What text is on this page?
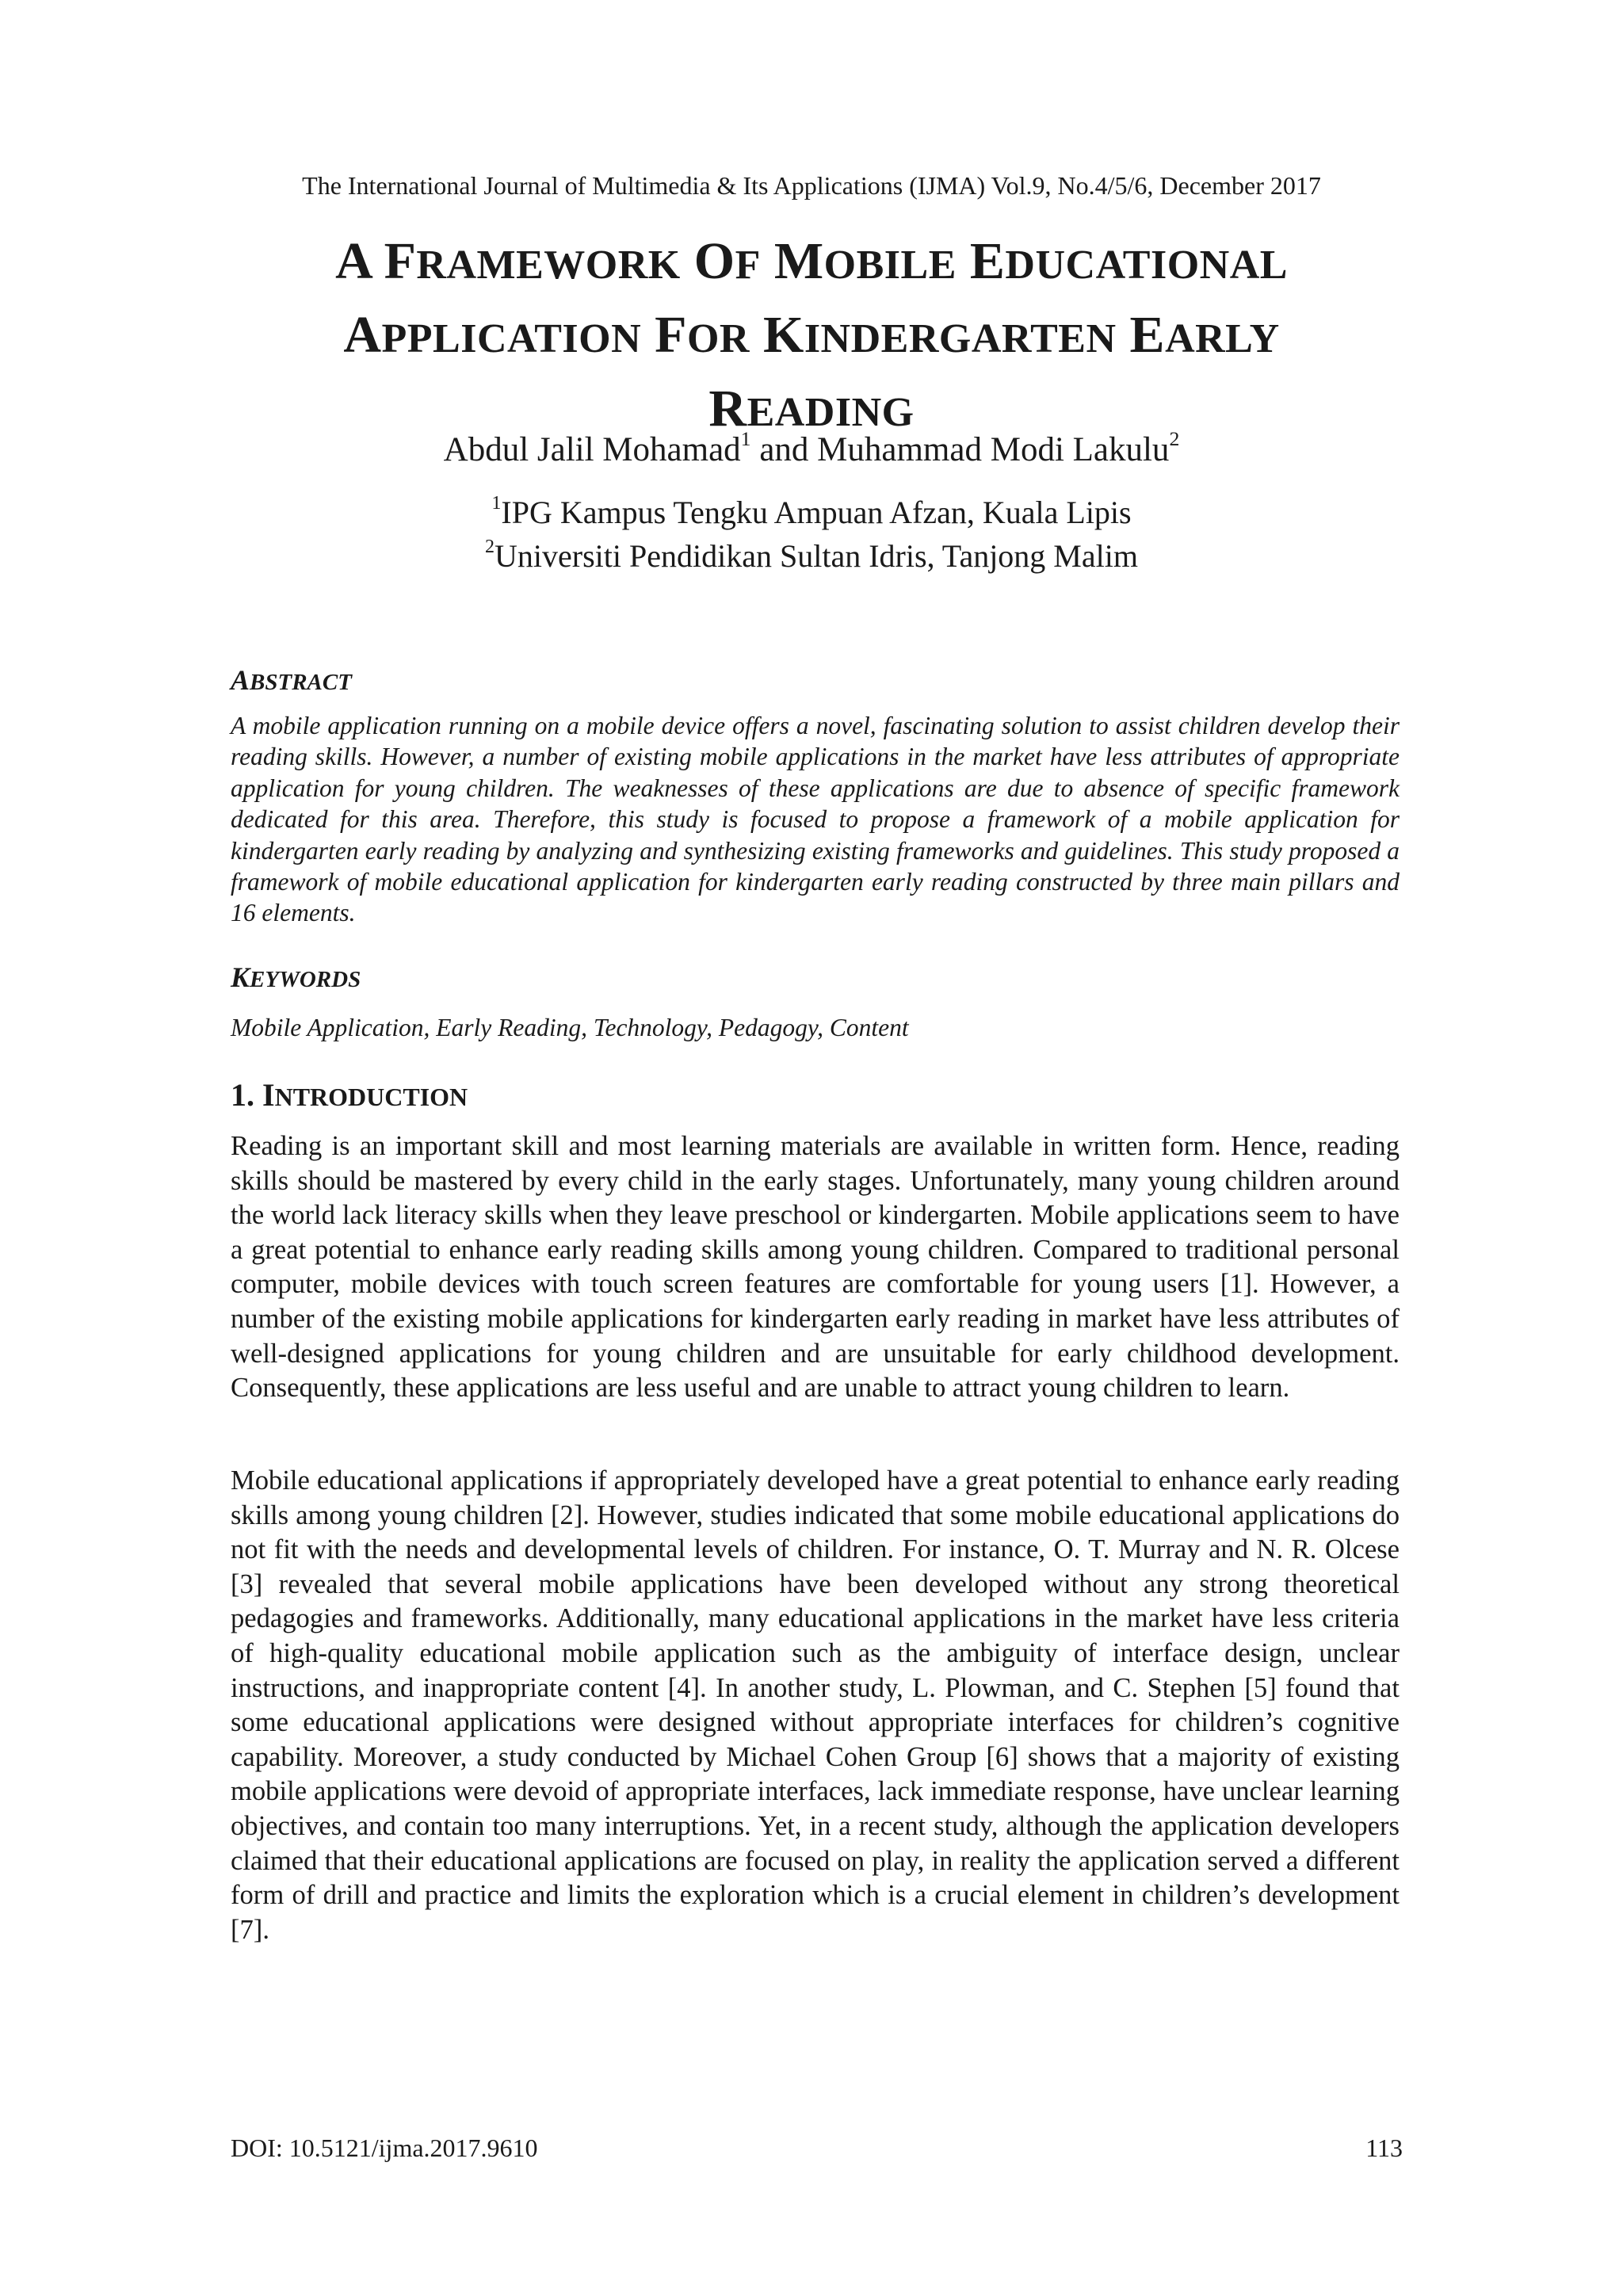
The International Journal of Multimedia & Its Applications (IJMA) Vol.9, No.4/5/6, December 2017
A FRAMEWORK OF MOBILE EDUCATIONAL
APPLICATION FOR KINDERGARTEN EARLY
READING
Abdul Jalil Mohamad$^1$ and Muhammad Modi Lakulu$^2$
$^1$IPG Kampus Tengku Ampuan Afzan, Kuala Lipis
$^2$Universiti Pendidikan Sultan Idris, Tanjong Malim
ABSTRACT
A mobile application running on a mobile device offers a novel, fascinating solution to assist children develop their reading skills. However, a number of existing mobile applications in the market have less attributes of appropriate application for young children. The weaknesses of these applications are due to absence of specific framework dedicated for this area. Therefore, this study is focused to propose a framework of a mobile application for kindergarten early reading by analyzing and synthesizing existing frameworks and guidelines. This study proposed a framework of mobile educational application for kindergarten early reading constructed by three main pillars and 16 elements.
KEYWORDS
Mobile Application, Early Reading, Technology, Pedagogy, Content
1. INTRODUCTION
Reading is an important skill and most learning materials are available in written form. Hence, reading skills should be mastered by every child in the early stages. Unfortunately, many young children around the world lack literacy skills when they leave preschool or kindergarten. Mobile applications seem to have a great potential to enhance early reading skills among young children. Compared to traditional personal computer, mobile devices with touch screen features are comfortable for young users [1]. However, a number of the existing mobile applications for kindergarten early reading in market have less attributes of well-designed applications for young children and are unsuitable for early childhood development. Consequently, these applications are less useful and are unable to attract young children to learn.
Mobile educational applications if appropriately developed have a great potential to enhance early reading skills among young children [2]. However, studies indicated that some mobile educational applications do not fit with the needs and developmental levels of children. For instance, O. T. Murray and N. R. Olcese [3] revealed that several mobile applications have been developed without any strong theoretical pedagogies and frameworks. Additionally, many educational applications in the market have less criteria of high-quality educational mobile application such as the ambiguity of interface design, unclear instructions, and inappropriate content [4]. In another study, L. Plowman, and C. Stephen [5] found that some educational applications were designed without appropriate interfaces for children’s cognitive capability. Moreover, a study conducted by Michael Cohen Group [6] shows that a majority of existing mobile applications were devoid of appropriate interfaces, lack immediate response, have unclear learning objectives, and contain too many interruptions. Yet, in a recent study, although the application developers claimed that their educational applications are focused on play, in reality the application served a different form of drill and practice and limits the exploration which is a crucial element in children’s development [7].
DOI: 10.5121/ijma.2017.9610	113
